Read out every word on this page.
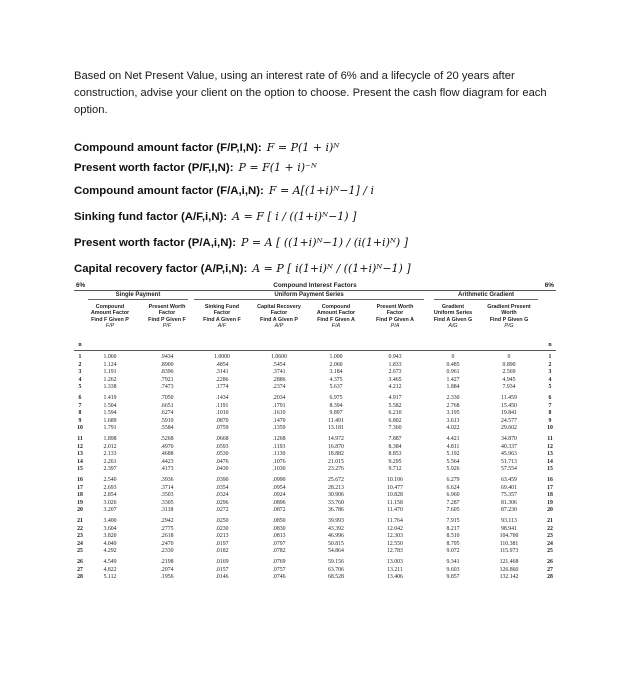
Based on Net Present Value, using an interest rate of 6% and a lifecycle of 20 years after construction, advise your client on the option to choose. Present the cash flow diagram for each option.
Compound amount factor (F/P,I,N): F = P(1 + i)ᴺ
Present worth factor (P/F,I,N): P = F(1 + i)⁻ᴺ
Compound amount factor (F/A,i,N): F = A[(1+i)ᴺ−1] / i
Sinking fund factor (A/F,i,N): A = F [ i / ((1+i)ᴺ−1) ]
Present worth factor (P/A,i,N): P = A [ ((1+i)ᴺ−1) / (i(1+i)ᴺ) ]
Capital recovery factor (A/P,i,N): A = P [ i(1+i)ᴺ / ((1+i)ᴺ−1) ]
6%	Compound Interest Factors	6%
Single Payment	Uniform Payment Series	Arithmetic Gradient
Compound Amount Factor
Find F Given P
F/P
Present Worth Factor
Find P Given F
P/F
Sinking Fund Factor
Find A Given F
A/F
Capital Recovery Factor
Find A Given P
A/P
Compound Amount Factor
Find F Given A
F/A
Present Worth Factor
Find P Given A
P/A
Gradient Uniform Series
Find A Given G
A/G
Gradient Present Worth
Find P Given G
P/G
n	n
1	1.060	.9434	1.0000	1.0600	1.000	0.943	0	0	1
2	1.124	.8900	.4854	.5454	2.060	1.833	0.485	0.890	2
3	1.191	.8396	.3141	.3741	3.184	2.673	0.961	2.569	3
4	1.262	.7921	.2286	.2886	4.375	3.465	1.427	4.945	4
5	1.338	.7473	.1774	.2374	5.637	4.212	1.884	7.934	5
6	1.419	.7050	.1434	.2034	6.975	4.917	2.330	11.459	6
7	1.504	.6651	.1191	.1791	8.394	5.582	2.768	15.450	7
8	1.594	.6274	.1010	.1610	9.897	6.210	3.195	19.841	8
9	1.689	.5919	.0870	.1470	11.491	6.802	3.613	24.577	9
10	1.791	.5584	.0759	.1359	13.181	7.360	4.022	29.602	10
11	1.898	.5268	.0668	.1268	14.972	7.887	4.421	34.870	11
12	2.012	.4970	.0593	.1193	16.870	8.384	4.811	40.337	12
13	2.133	.4688	.0530	.1130	18.882	8.853	5.192	45.963	13
14	2.261	.4423	.0476	.1076	21.015	9.295	5.564	51.713	14
15	2.397	.4173	.0430	.1030	23.276	9.712	5.926	57.554	15
16	2.540	.3936	.0390	.0990	25.672	10.106	6.279	63.459	16
17	2.693	.3714	.0354	.0954	28.213	10.477	6.624	69.401	17
18	2.854	.3503	.0324	.0924	30.906	10.828	6.960	75.357	18
19	3.026	.3305	.0296	.0896	33.760	11.158	7.287	81.306	19
20	3.207	.3118	.0272	.0872	36.786	11.470	7.605	87.230	20
21	3.400	.2942	.0250	.0850	39.993	11.764	7.915	93.113	21
22	3.604	.2775	.0230	.0830	43.392	12.042	8.217	98.941	22
23	3.820	.2618	.0213	.0813	46.996	12.303	8.510	104.700	23
24	4.049	.2470	.0197	.0797	50.815	12.550	8.795	110.381	24
25	4.292	.2330	.0182	.0782	54.864	12.783	9.072	115.973	25
26	4.549	.2198	.0169	.0769	59.156	13.003	9.341	121.468	26
27	4.822	.2074	.0157	.0757	63.706	13.211	9.603	126.860	27
28	5.112	.1956	.0146	.0746	68.528	13.406	9.857	132.142	28
